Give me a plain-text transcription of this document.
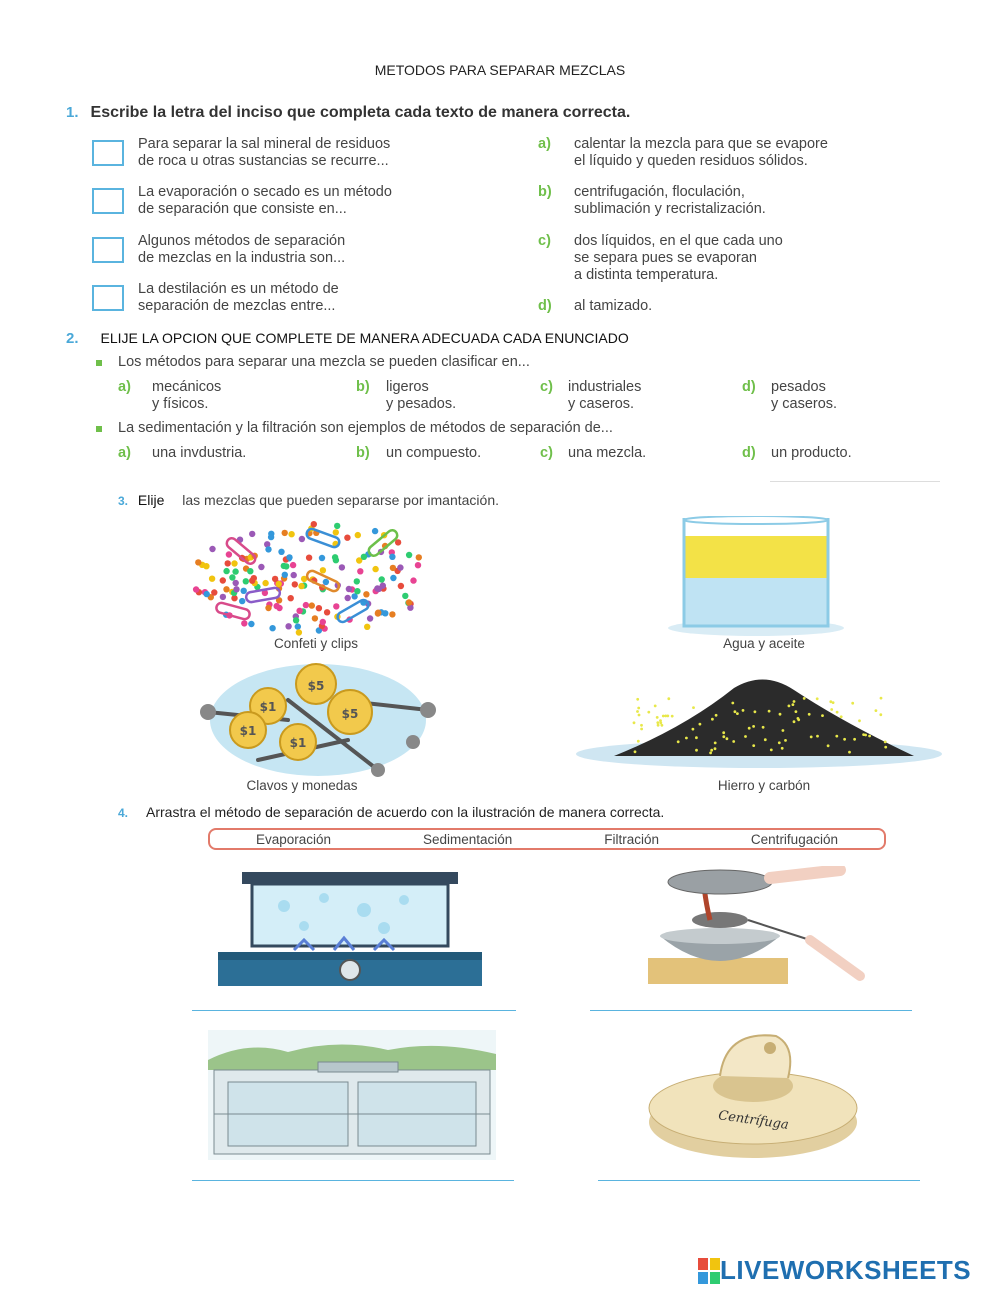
METODOS PARA SEPARAR MEZCLAS
1. Escribe la letra del inciso que completa cada texto de manera correcta.
Para separar la sal mineral de residuos
de roca u otras sustancias se recurre...
La evaporación o secado es un método
de separación que consiste en...
Algunos métodos de separación
de mezclas en la industria son...
La destilación es un método de
separación de mezclas entre...
a) calentar la mezcla para que se evapore
el líquido y queden residuos sólidos.
b) centrifugación, floculación,
sublimación y recristalización.
c) dos líquidos, en el que cada uno
se separa pues se evaporan
a distinta temperatura.
d) al tamizado.
2. ELIJE LA OPCION QUE COMPLETE DE MANERA ADECUADA CADA ENUNCIADO
Los métodos para separar una mezcla se pueden clasificar en...
a) mecánicos
y físicos.
b) ligeros
y pesados.
c) industriales
y caseros.
d) pesados
y caseros.
La sedimentación y la filtración son ejemplos de métodos de separación de...
a) una invdustria.	b) un compuesto.	c) una mezcla.	d) un producto.
3. Elije las mezclas que pueden separarse por imantación.
Confeti y clips	Agua y aceite
$5
$1	$5
$1
$1
Clavos y monedas	Hierro y carbón
4. Arrastra el método de separación de acuerdo con la ilustración de manera correcta.
Evaporación	Sedimentación	Filtración	Centrifugación
Centrífuga
LIVEWORKSHEETS
